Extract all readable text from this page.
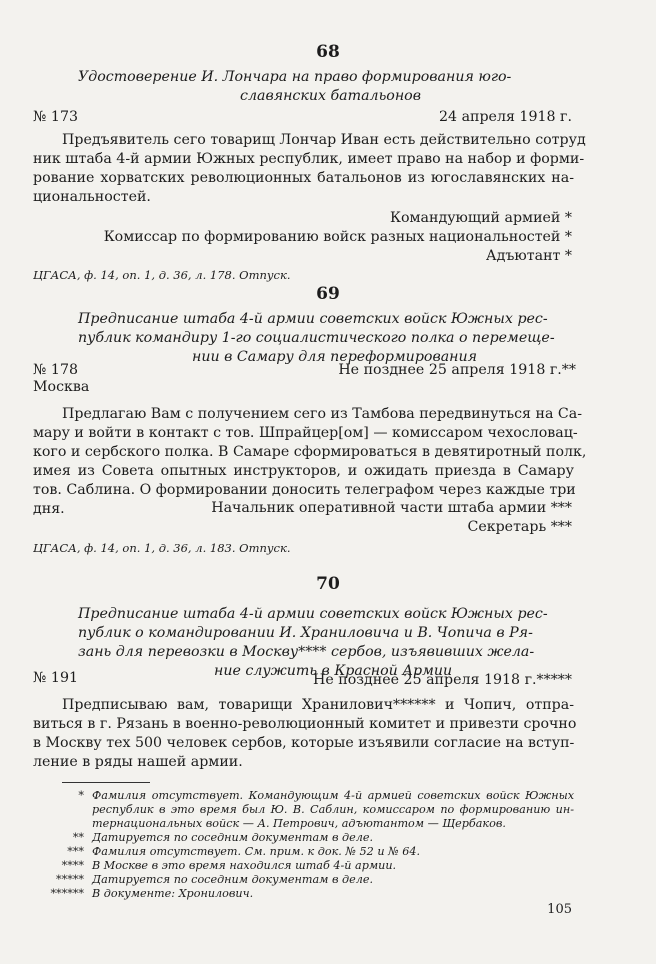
68
Удостоверение И. Лончара на право формирования юго-
славянских батальонов
№ 173	24 апреля 1918 г.
Предъявитель сего товарищ Лончар Иван есть действительно сотруд
ник штаба 4-й армии Южных республик, имеет право на набор и форми-
рование хорватских революционных батальонов из югославянских на-
циональностей.
Командующий армией *
Комиссар по формированию войск разных национальностей *
Адъютант *
ЦГАСА, ф. 14, оп. 1, д. 36, л. 178. Отпуск.
69
Предписание штаба 4-й армии советских войск Южных рес-
публик командиру 1-го социалистического полка о перемеще-
нии в Самару для переформирования
№ 178	Не позднее 25 апреля 1918 г.**
Москва
Предлагаю Вам с получением сего из Тамбова передвинуться на Са-
мару и войти в контакт с тов. Шпрайцер[ом] — комиссаром чехословац-
кого и сербского полка. В Самаре сформироваться в девятиротный полк,
имея из Совета опытных инструкторов, и ожидать приезда в Самару
тов. Саблина. О формировании доносить телеграфом через каждые три
дня.	Начальник оперативной части штаба армии ***
Секретарь ***
ЦГАСА, ф. 14, оп. 1, д. 36, л. 183. Отпуск.
70
Предписание штаба 4-й армии советских войск Южных рес-
публик о командировании И. Храниловича и В. Чопича в Ря-
зань для перевозки в Москву**** сербов, изъявивших жела-
ние служить в Красной Армии
№ 191	Не позднее 25 апреля 1918 г.*****
Предписываю вам, товарищи Хранилович****** и Чопич, отпра-
виться в г. Рязань в военно-революционный комитет и привезти срочно
в Москву тех 500 человек сербов, которые изъявили согласие на вступ-
ление в ряды нашей армии.
* Фамилия отсутствует. Командующим 4-й армией советских войск Южных
республик в это время был Ю. В. Саблин, комиссаром по формированию ин-
тернациональных войск — А. Петрович, адъютантом — Щербаков.
** Датируется по соседним документам в деле.
*** Фамилия отсутствует. См. прим. к док. № 52 и № 64.
**** В Москве в это время находился штаб 4-й армии.
***** Датируется по соседним документам в деле.
****** В документе: Хронилович.
105
